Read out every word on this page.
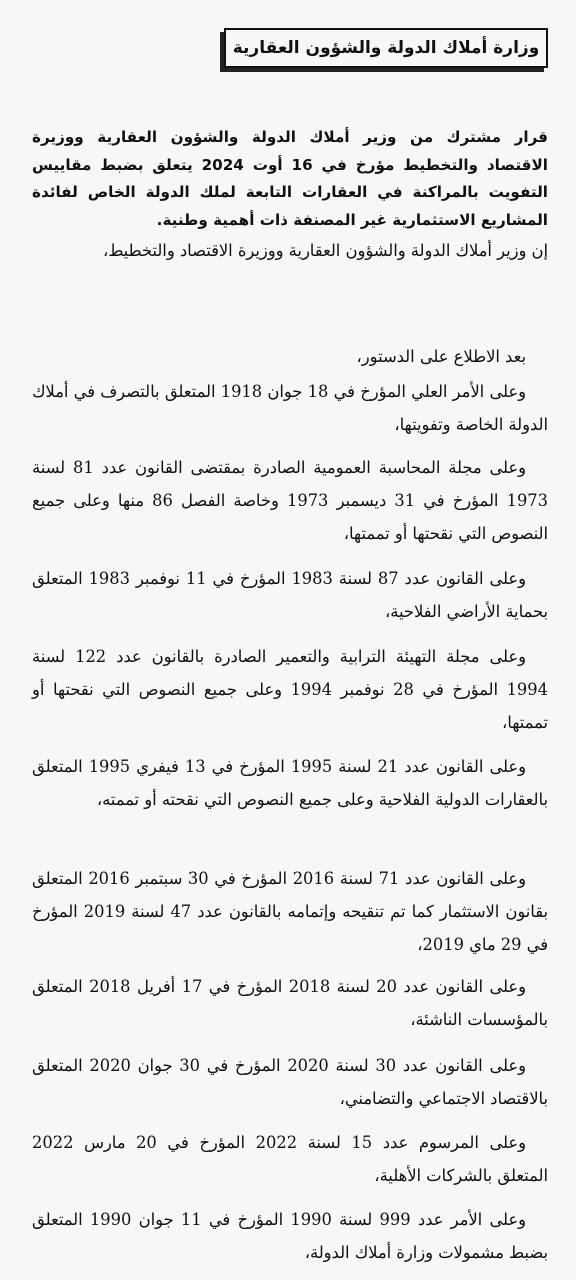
وزارة أملاك الدولة والشؤون العقارية
قرار مشترك من وزير أملاك الدولة والشؤون العقارية ووزيرة الاقتصاد والتخطيط مؤرخ في 16 أوت 2024 يتعلق بضبط مقاييس التفويت بالمراكنة في العقارات التابعة لملك الدولة الخاص لفائدة المشاريع الاستثمارية غير المصنفة ذات أهمية وطنية.
إن وزير أملاك الدولة والشؤون العقارية ووزيرة الاقتصاد والتخطيط،
بعد الاطلاع على الدستور،
وعلى الأمر العلي المؤرخ في 18 جوان 1918 المتعلق بالتصرف في أملاك الدولة الخاصة وتفويتها،
وعلى مجلة المحاسبة العمومية الصادرة بمقتضى القانون عدد 81 لسنة 1973 المؤرخ في 31 ديسمبر 1973 وخاصة الفصل 86 منها وعلى جميع النصوص التي نقحتها أو تممتها،
وعلى القانون عدد 87 لسنة 1983 المؤرخ في 11 نوفمبر 1983 المتعلق بحماية الأراضي الفلاحية،
وعلى مجلة التهيئة الترابية والتعمير الصادرة بالقانون عدد 122 لسنة 1994 المؤرخ في 28 نوفمبر 1994 وعلى جميع النصوص التي نقحتها أو تممتها،
وعلى القانون عدد 21 لسنة 1995 المؤرخ في 13 فيفري 1995 المتعلق بالعقارات الدولية الفلاحية وعلى جميع النصوص التي نقحته أو تممته،
وعلى القانون عدد 71 لسنة 2016 المؤرخ في 30 سبتمبر 2016 المتعلق بقانون الاستثمار كما تم تنقيحه وإتمامه بالقانون عدد 47 لسنة 2019 المؤرخ في 29 ماي 2019،
وعلى القانون عدد 20 لسنة 2018 المؤرخ في 17 أفريل 2018 المتعلق بالمؤسسات الناشئة،
وعلى القانون عدد 30 لسنة 2020 المؤرخ في 30 جوان 2020 المتعلق بالاقتصاد الاجتماعي والتضامني،
وعلى المرسوم عدد 15 لسنة 2022 المؤرخ في 20 مارس 2022 المتعلق بالشركات الأهلية،
وعلى الأمر عدد 999 لسنة 1990 المؤرخ في 11 جوان 1990 المتعلق بضبط مشمولات وزارة أملاك الدولة،
